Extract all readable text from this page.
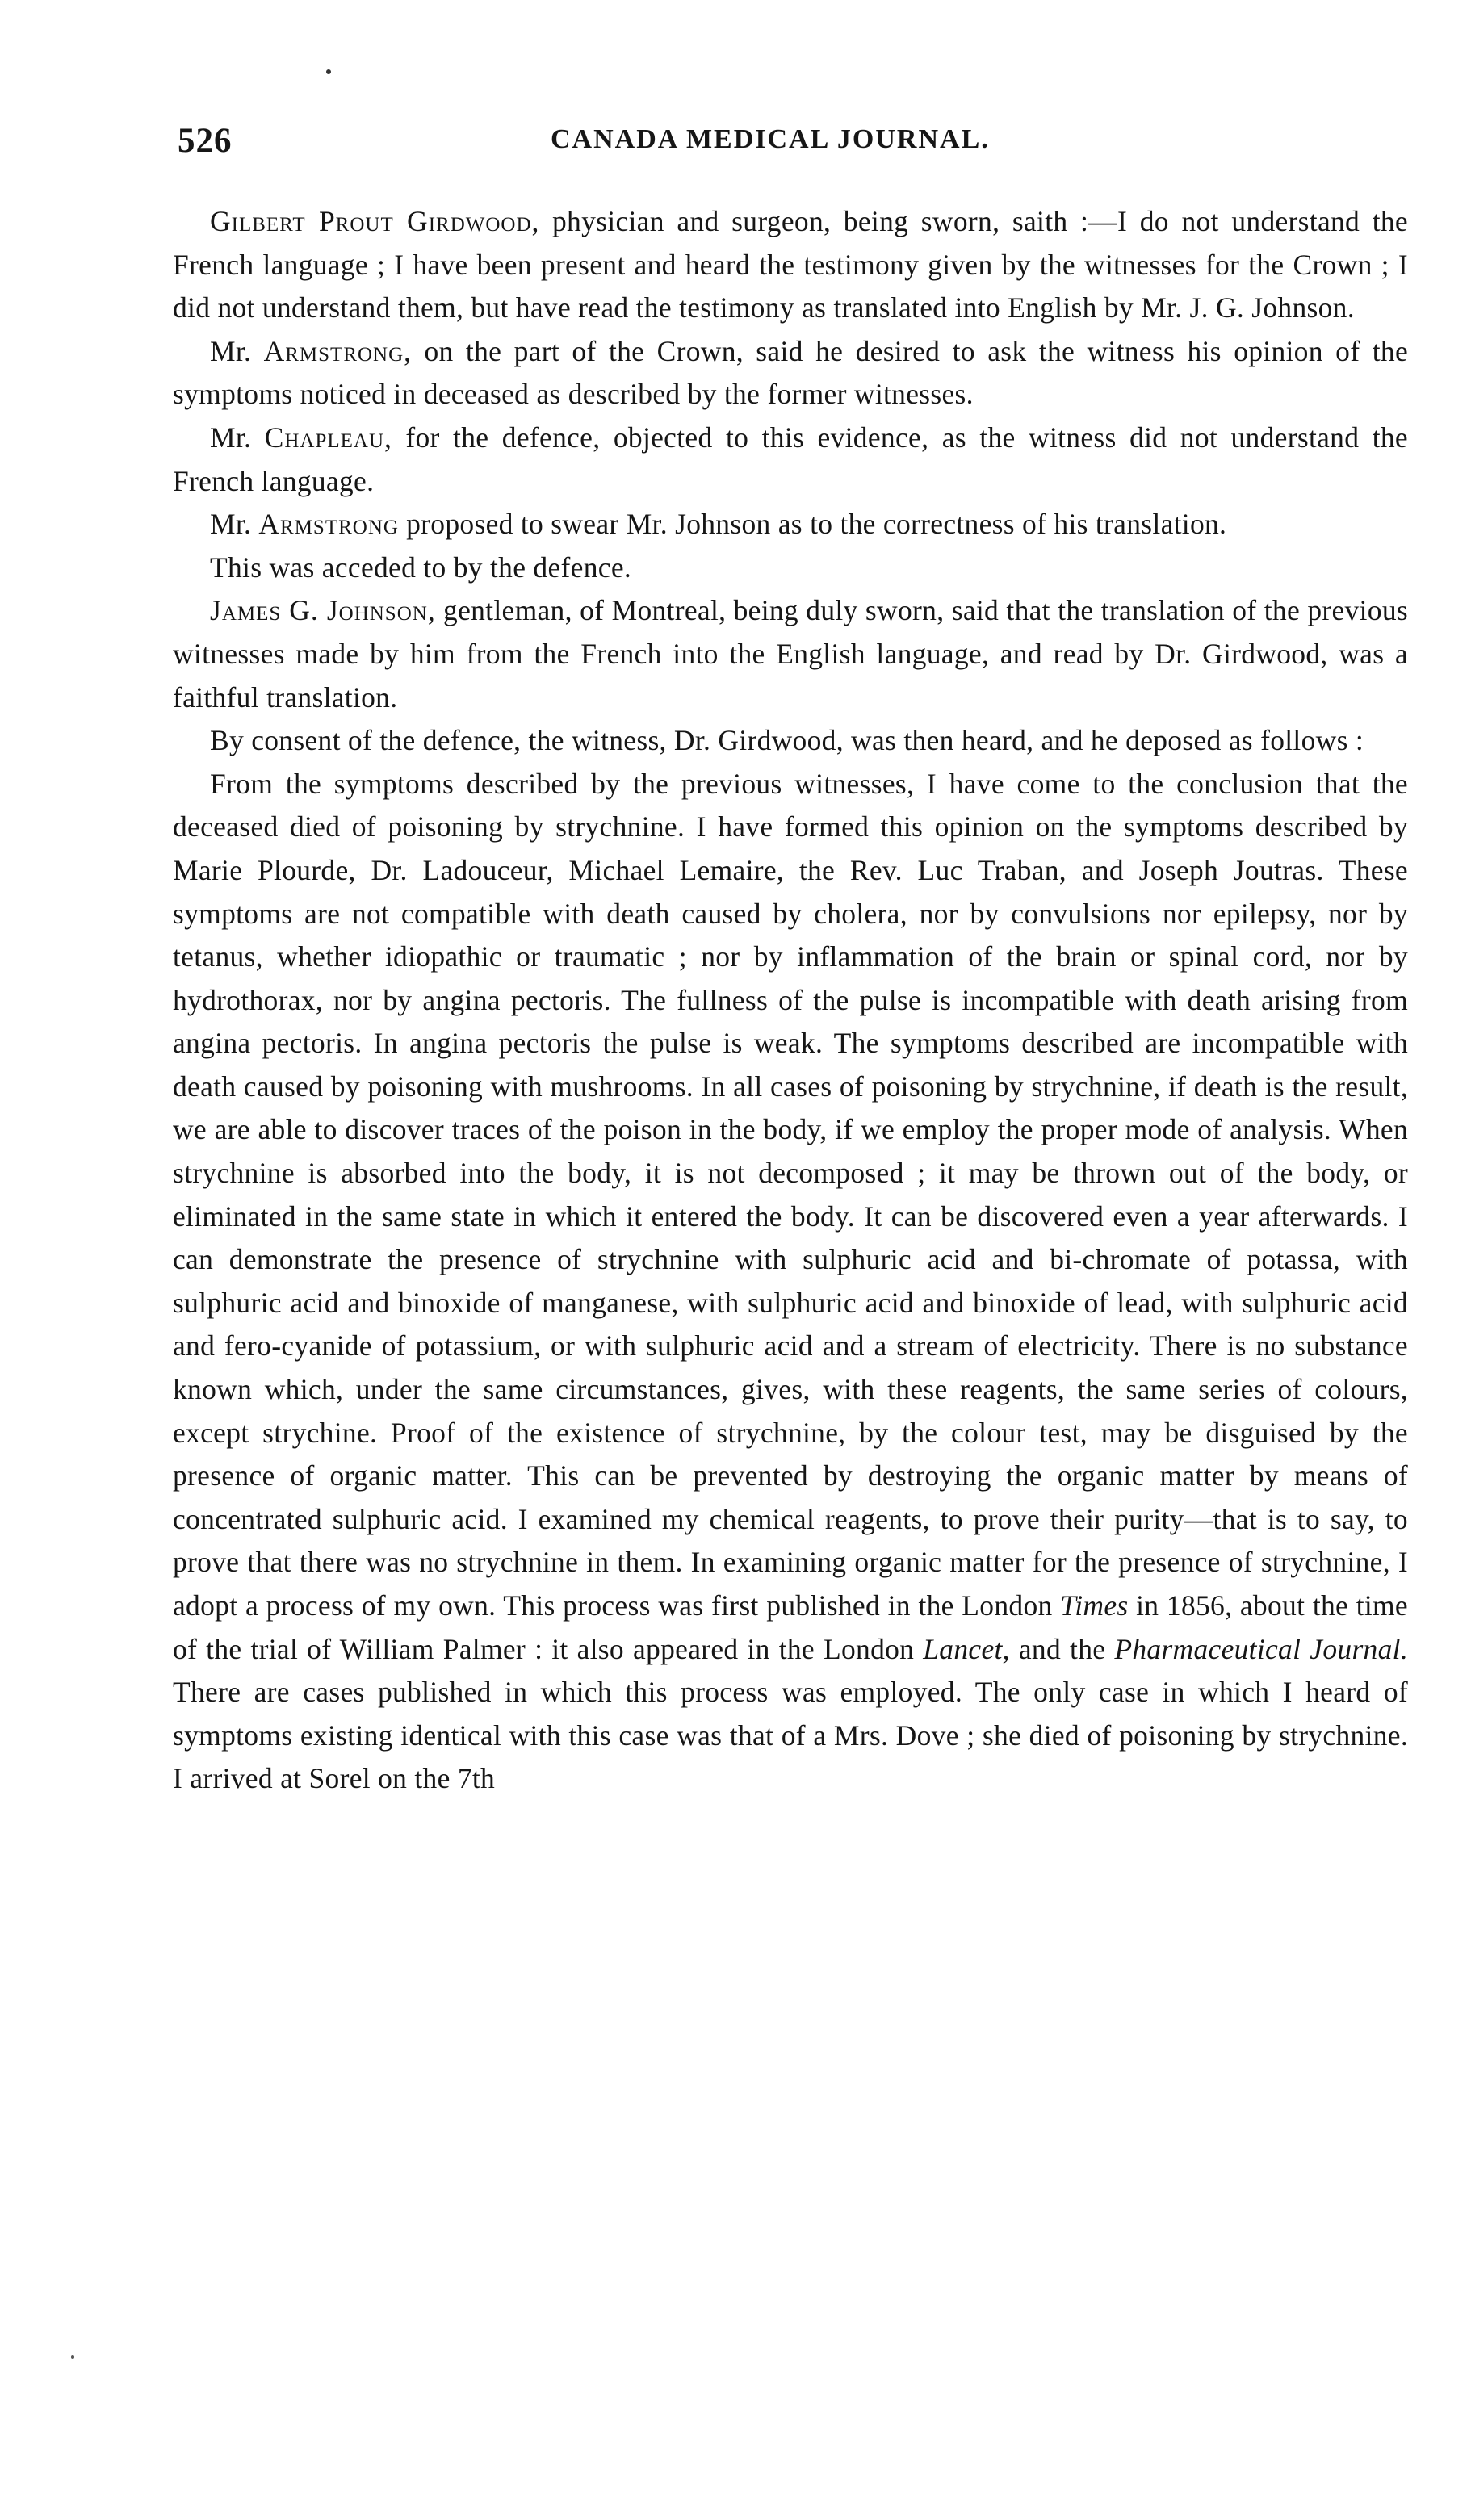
526	CANADA MEDICAL JOURNAL.

Gilbert Prout Girdwood, physician and surgeon, being sworn, saith :—I do not understand the French language ; I have been present and heard the testimony given by the witnesses for the Crown ; I did not understand them, but have read the testimony as translated into English by Mr. J. G. Johnson.

Mr. Armstrong, on the part of the Crown, said he desired to ask the witness his opinion of the symptoms noticed in deceased as described by the former witnesses.

Mr. Chapleau, for the defence, objected to this evidence, as the witness did not understand the French language.

Mr. Armstrong proposed to swear Mr. Johnson as to the correctness of his translation.

This was acceded to by the defence.

James G. Johnson, gentleman, of Montreal, being duly sworn, said that the translation of the previous witnesses made by him from the French into the English language, and read by Dr. Girdwood, was a faithful translation.

By consent of the defence, the witness, Dr. Girdwood, was then heard, and he deposed as follows :

From the symptoms described by the previous witnesses, I have come to the conclusion that the deceased died of poisoning by strychnine. I have formed this opinion on the symptoms described by Marie Plourde, Dr. Ladouceur, Michael Lemaire, the Rev. Luc Traban, and Joseph Joutras. These symptoms are not compatible with death caused by cholera, nor by convulsions nor epilepsy, nor by tetanus, whether idiopathic or traumatic ; nor by inflammation of the brain or spinal cord, nor by hydrothorax, nor by angina pectoris. The fullness of the pulse is incompatible with death arising from angina pectoris. In angina pectoris the pulse is weak. The symptoms described are incompatible with death caused by poisoning with mushrooms. In all cases of poisoning by strychnine, if death is the result, we are able to discover traces of the poison in the body, if we employ the proper mode of analysis. When strychnine is absorbed into the body, it is not decomposed ; it may be thrown out of the body, or eliminated in the same state in which it entered the body. It can be discovered even a year afterwards. I can demonstrate the presence of strychnine with sulphuric acid and bi-chromate of potassa, with sulphuric acid and binoxide of manganese, with sulphuric acid and binoxide of lead, with sulphuric acid and fero-cyanide of potassium, or with sulphuric acid and a stream of electricity. There is no substance known which, under the same circumstances, gives, with these reagents, the same series of colours, except strychine. Proof of the existence of strychnine, by the colour test, may be disguised by the presence of organic matter. This can be prevented by destroying the organic matter by means of concentrated sulphuric acid. I examined my chemical reagents, to prove their purity—that is to say, to prove that there was no strychnine in them. In examining organic matter for the presence of strychnine, I adopt a process of my own. This process was first published in the London Times in 1856, about the time of the trial of William Palmer : it also appeared in the London Lancet, and the Pharmaceutical Journal. There are cases published in which this process was employed. The only case in which I heard of symptoms existing identical with this case was that of a Mrs. Dove ; she died of poisoning by strychnine. I arrived at Sorel on the 7th
